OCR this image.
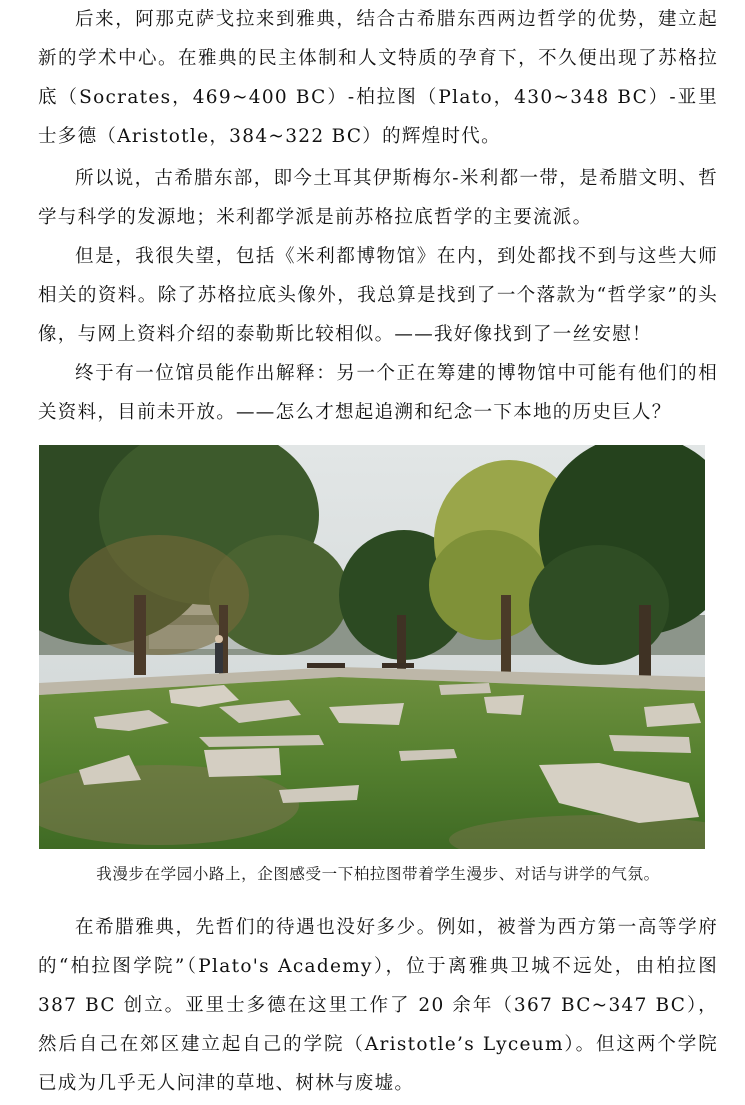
后来，阿那克萨戈拉来到雅典，结合古希腊东西两边哲学的优势，建立起新的学术中心。在雅典的民主体制和人文特质的孕育下，不久便出现了苏格拉底（Socrates，469~400 BC）-柏拉图（Plato，430~348 BC）-亚里士多德（Aristotle，384~322 BC）的辉煌时代。

所以说，古希腊东部，即今土耳其伊斯梅尔-米利都一带，是希腊文明、哲学与科学的发源地；米利都学派是前苏格拉底哲学的主要流派。

但是，我很失望，包括《米利都博物馆》在内，到处都找不到与这些大师相关的资料。除了苏格拉底头像外，我总算是找到了一个落款为“哲学家”的头像，与网上资料介绍的泰勒斯比较相似。——我好像找到了一丝安慰！

终于有一位馆员能作出解释：另一个正在筹建的博物馆中可能有他们的相关资料，目前未开放。——怎么才想起追溯和纪念一下本地的历史巨人？

我漫步在学园小路上，企图感受一下柏拉图带着学生漫步、对话与讲学的气氛。

在希腊雅典，先哲们的待遇也没好多少。例如，被誉为西方第一高等学府的“柏拉图学院”（Plato's Academy），位于离雅典卫城不远处，由柏拉图 387 BC 创立。亚里士多德在这里工作了 20 余年（367 BC~347 BC），然后自己在郊区建立起自己的学院（Aristotle’s Lyceum）。但这两个学院已成为几乎无人问津的草地、树林与废墟。
